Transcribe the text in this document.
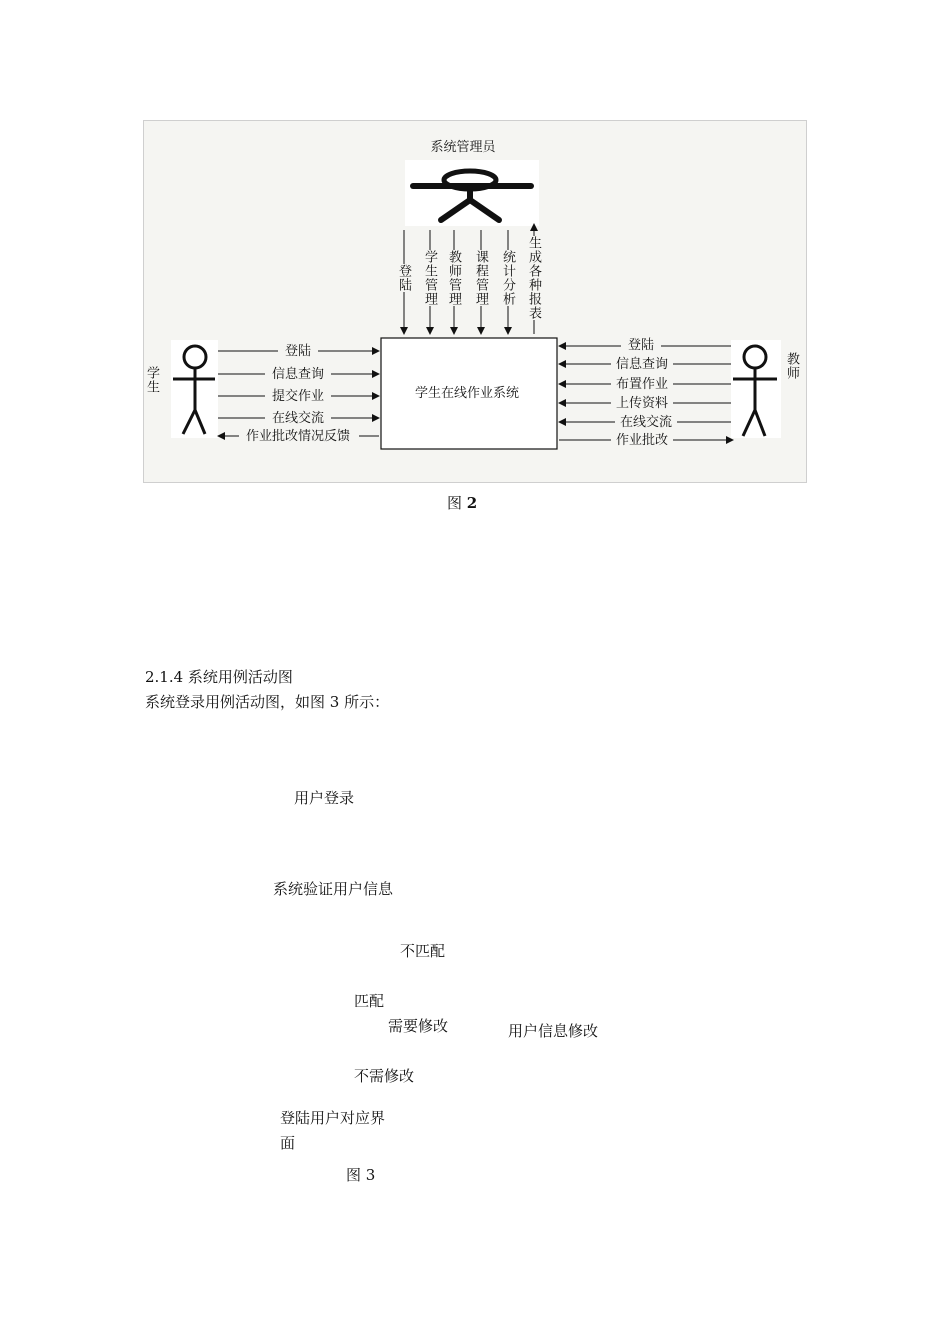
系统管理员
学生在线作业系统
登陆
信息查询
提交作业
在线交流
作业批改情况反馈
登陆
信息查询
布置作业
上传资料
在线交流
作业批改
登陆 学生管理 教师管理 课程管理 统计分析 生成各种报表
学生	教师
图 2
2.1.4 系统用例活动图
系统登录用例活动图，如图 3 所示：
用户登录
系统验证用户信息
不匹配
匹配
需要修改	用户信息修改
不需修改
登陆用户对应界
面
图 3
